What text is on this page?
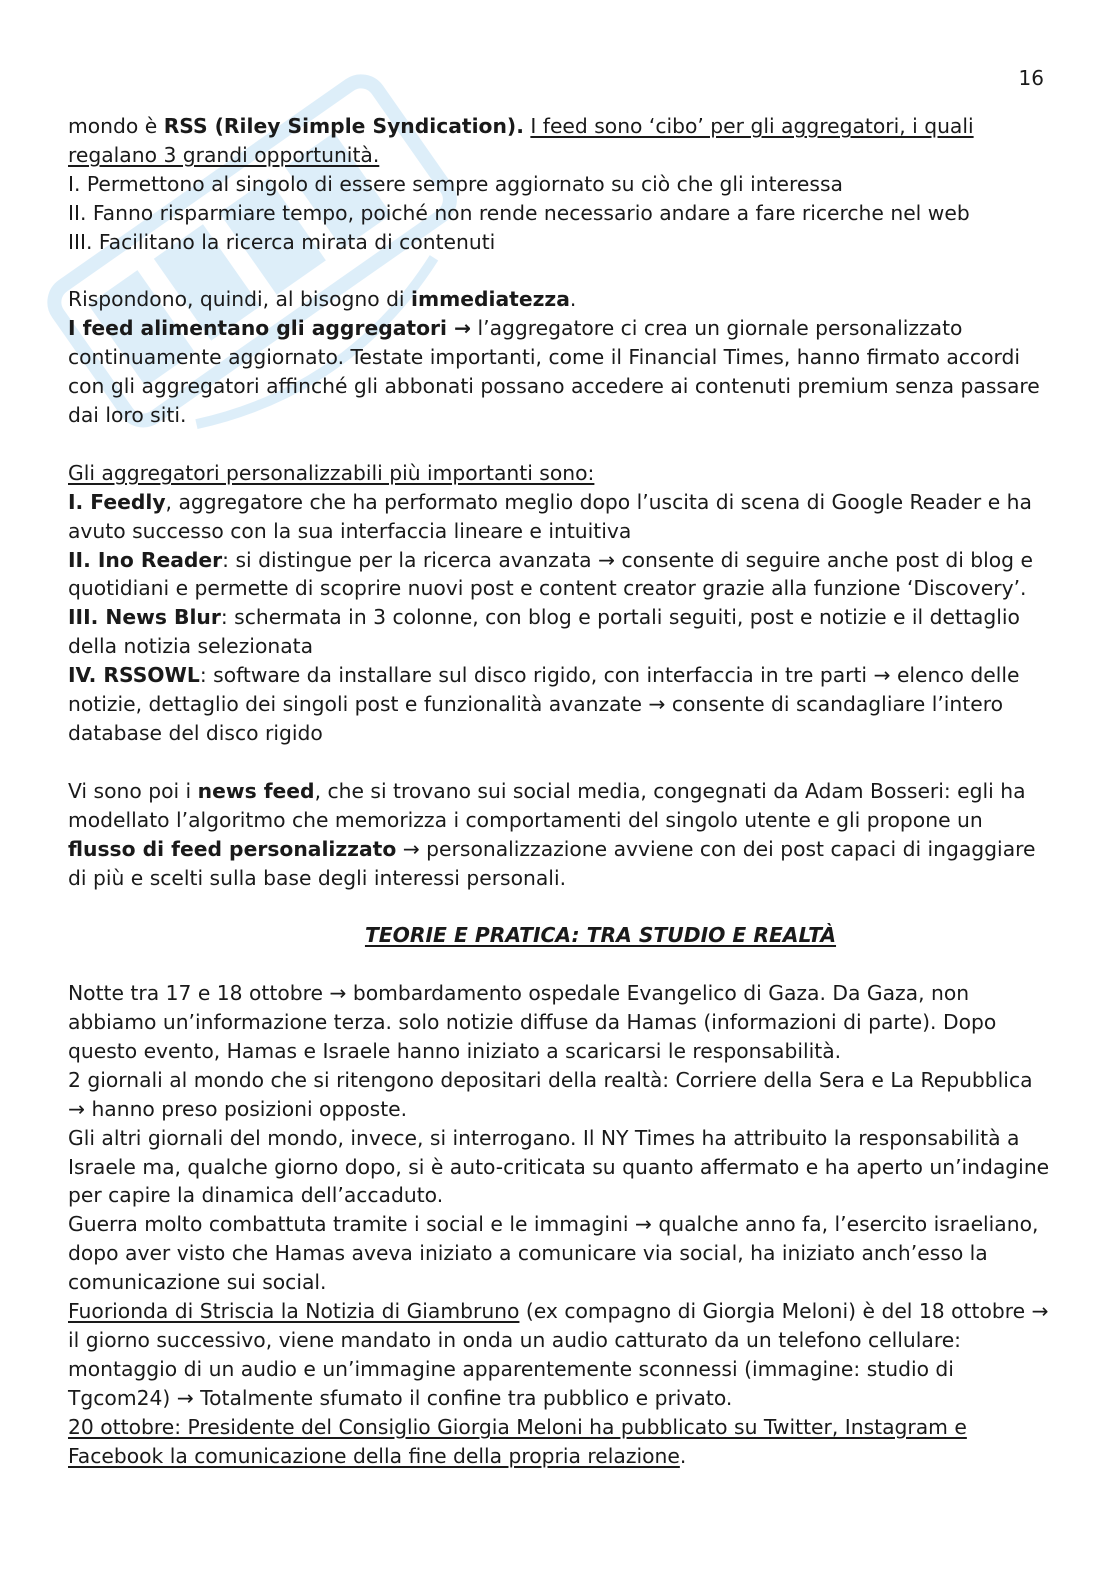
16

mondo è RSS (Riley Simple Syndication). I feed sono ‘cibo’ per gli aggregatori, i quali regalano 3 grandi opportunità.

I. Permettono al singolo di essere sempre aggiornato su ciò che gli interessa

II. Fanno risparmiare tempo, poiché non rende necessario andare a fare ricerche nel web

III. Facilitano la ricerca mirata di contenuti

Rispondono, quindi, al bisogno di immediatezza.

I feed alimentano gli aggregatori → l’aggregatore ci crea un giornale personalizzato continuamente aggiornato. Testate importanti, come il Financial Times, hanno firmato accordi con gli aggregatori affinché gli abbonati possano accedere ai contenuti premium senza passare dai loro siti.

Gli aggregatori personalizzabili più importanti sono:

I. Feedly, aggregatore che ha performato meglio dopo l’uscita di scena di Google Reader e ha avuto successo con la sua interfaccia lineare e intuitiva

II. Ino Reader: si distingue per la ricerca avanzata → consente di seguire anche post di blog e quotidiani e permette di scoprire nuovi post e content creator grazie alla funzione ‘Discovery’.

III. News Blur: schermata in 3 colonne, con blog e portali seguiti, post e notizie e il dettaglio della notizia selezionata

IV. RSSOWL: software da installare sul disco rigido, con interfaccia in tre parti → elenco delle notizie, dettaglio dei singoli post e funzionalità avanzate → consente di scandagliare l’intero database del disco rigido

Vi sono poi i news feed, che si trovano sui social media, congegnati da Adam Bosseri: egli ha modellato l’algoritmo che memorizza i comportamenti del singolo utente e gli propone un flusso di feed personalizzato → personalizzazione avviene con dei post capaci di ingaggiare di più e scelti sulla base degli interessi personali.

TEORIE E PRATICA: TRA STUDIO E REALTÀ

Notte tra 17 e 18 ottobre → bombardamento ospedale Evangelico di Gaza. Da Gaza, non abbiamo un’informazione terza. solo notizie diffuse da Hamas (informazioni di parte). Dopo questo evento, Hamas e Israele hanno iniziato a scaricarsi le responsabilità.

2 giornali al mondo che si ritengono depositari della realtà: Corriere della Sera e La Repubblica → hanno preso posizioni opposte.

Gli altri giornali del mondo, invece, si interrogano. Il NY Times ha attribuito la responsabilità a Israele ma, qualche giorno dopo, si è auto-criticata su quanto affermato e ha aperto un’indagine per capire la dinamica dell’accaduto.

Guerra molto combattuta tramite i social e le immagini → qualche anno fa, l’esercito israeliano, dopo aver visto che Hamas aveva iniziato a comunicare via social, ha iniziato anch’esso la comunicazione sui social.

Fuorionda di Striscia la Notizia di Giambruno (ex compagno di Giorgia Meloni) è del 18 ottobre → il giorno successivo, viene mandato in onda un audio catturato da un telefono cellulare: montaggio di un audio e un’immagine apparentemente sconnessi (immagine: studio di Tgcom24) → Totalmente sfumato il confine tra pubblico e privato.

20 ottobre: Presidente del Consiglio Giorgia Meloni ha pubblicato su Twitter, Instagram e Facebook la comunicazione della fine della propria relazione.
